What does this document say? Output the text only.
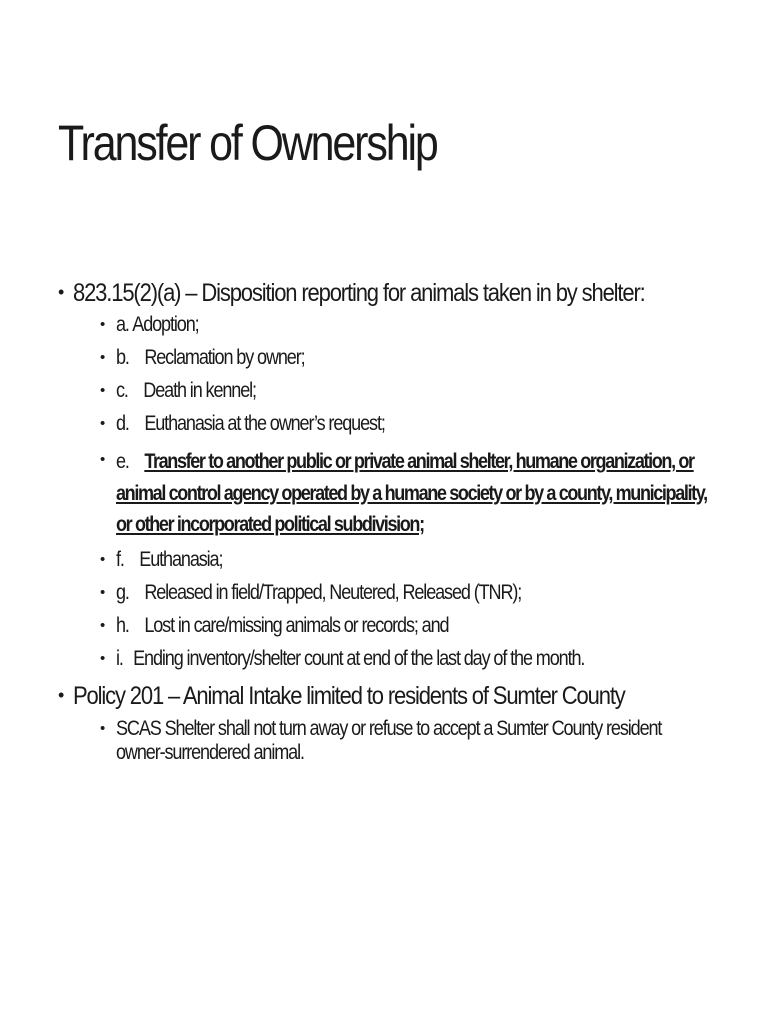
Transfer of Ownership
• 823.15(2)(a) – Disposition reporting for animals taken in by shelter:
• a. Adoption;
• b. Reclamation by owner;
• c. Death in kennel;
• d. Euthanasia at the owner’s request;
• e. Transfer to another public or private animal shelter, humane organization, or animal control agency operated by a humane society or by a county, municipality, or other incorporated political subdivision;
• f. Euthanasia;
• g. Released in field/Trapped, Neutered, Released (TNR);
• h. Lost in care/missing animals or records; and
• i. Ending inventory/shelter count at end of the last day of the month.
• Policy 201 – Animal Intake limited to residents of Sumter County
• SCAS Shelter shall not turn away or refuse to accept a Sumter County resident owner-surrendered animal.
